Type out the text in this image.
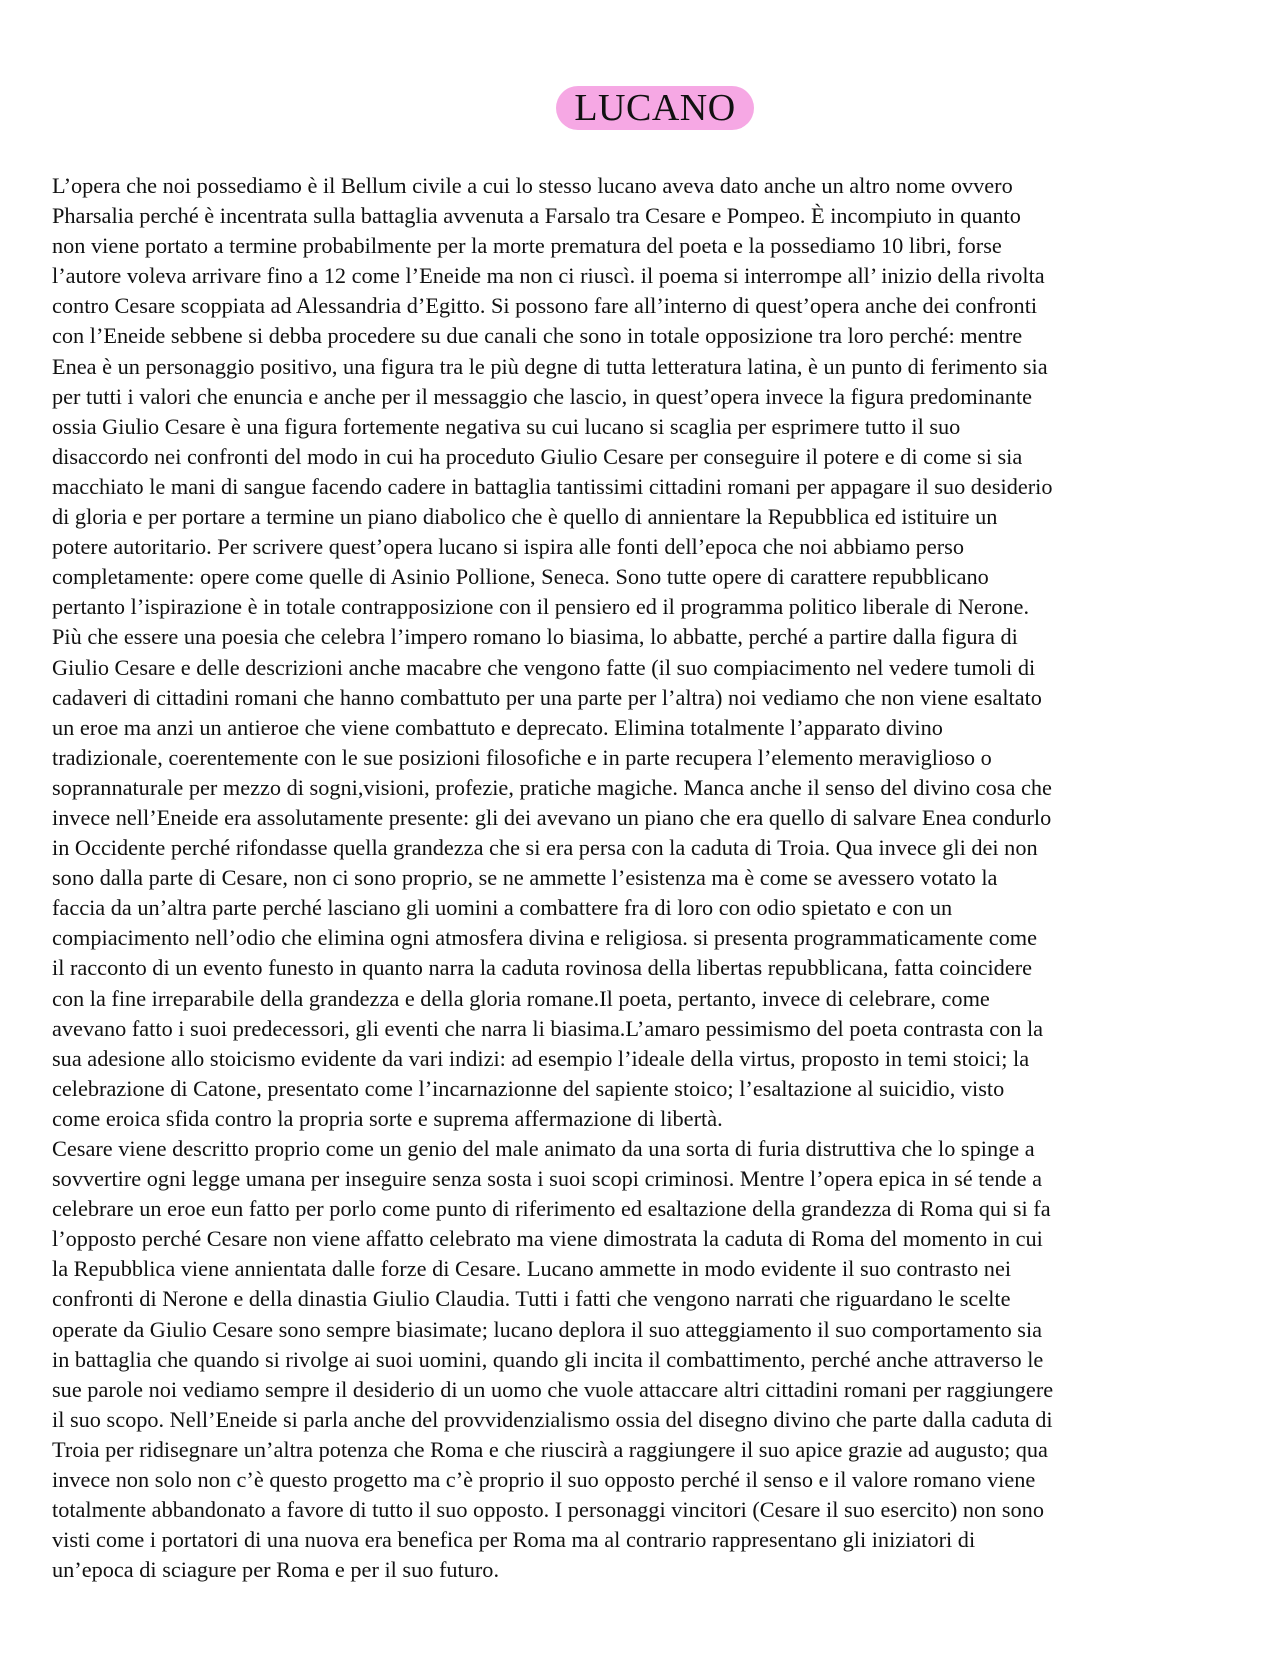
LUCANO
L’opera che noi possediamo è il Bellum civile a cui lo stesso lucano aveva dato anche un altro nome ovvero
Pharsalia perché è incentrata sulla battaglia avvenuta a Farsalo tra Cesare e Pompeo. È incompiuto in quanto
non viene portato a termine probabilmente per la morte prematura del poeta e la possediamo 10 libri, forse
l’autore voleva arrivare fino a 12 come l’Eneide ma non ci riuscì. il poema si interrompe all’ inizio della rivolta
contro Cesare scoppiata ad Alessandria d’Egitto. Si possono fare all’interno di quest’opera anche dei confronti
con l’Eneide sebbene si debba procedere su due canali che sono in totale opposizione tra loro perché: mentre
Enea è un personaggio positivo, una figura tra le più degne di tutta letteratura latina, è un punto di ferimento sia
per tutti i valori che enuncia e anche per il messaggio che lascio, in quest’opera invece la figura predominante
ossia Giulio Cesare è una figura fortemente negativa su cui lucano si scaglia per esprimere tutto il suo
disaccordo nei confronti del modo in cui ha proceduto Giulio Cesare per conseguire il potere e di come si sia
macchiato le mani di sangue facendo cadere in battaglia tantissimi cittadini romani per appagare il suo desiderio
di gloria e per portare a termine un piano diabolico che è quello di annientare la Repubblica ed istituire un
potere autoritario. Per scrivere quest’opera lucano si ispira alle fonti dell’epoca che noi abbiamo perso
completamente: opere come quelle di Asinio Pollione, Seneca. Sono tutte opere di carattere repubblicano
pertanto l’ispirazione è in totale contrapposizione con il pensiero ed il programma politico liberale di Nerone.
Più che essere una poesia che celebra l’impero romano lo biasima, lo abbatte, perché a partire dalla figura di
Giulio Cesare e delle descrizioni anche macabre che vengono fatte (il suo compiacimento nel vedere tumoli di
cadaveri di cittadini romani che hanno combattuto per una parte per l’altra) noi vediamo che non viene esaltato
un eroe ma anzi un antieroe che viene combattuto e deprecato. Elimina totalmente l’apparato divino
tradizionale, coerentemente con le sue posizioni filosofiche e in parte recupera l’elemento meraviglioso o
soprannaturale per mezzo di sogni,visioni, profezie, pratiche magiche. Manca anche il senso del divino cosa che
invece nell’Eneide era assolutamente presente: gli dei avevano un piano che era quello di salvare Enea condurlo
in Occidente perché rifondasse quella grandezza che si era persa con la caduta di Troia. Qua invece gli dei non
sono dalla parte di Cesare, non ci sono proprio, se ne ammette l’esistenza ma è come se avessero votato la
faccia da un’altra parte perché lasciano gli uomini a combattere fra di loro con odio spietato e con un
compiacimento nell’odio che elimina ogni atmosfera divina e religiosa. si presenta programmaticamente come
il racconto di un evento funesto in quanto narra la caduta rovinosa della libertas repubblicana, fatta coincidere
con la fine irreparabile della grandezza e della gloria romane.Il poeta, pertanto, invece di celebrare, come
avevano fatto i suoi predecessori, gli eventi che narra li biasima.L’amaro pessimismo del poeta contrasta con la
sua adesione allo stoicismo evidente da vari indizi: ad esempio l’ideale della virtus, proposto in temi stoici; la
celebrazione di Catone, presentato come l’incarnazionne del sapiente stoico; l’esaltazione al suicidio, visto
come eroica sfida contro la propria sorte e suprema affermazione di libertà.
Cesare viene descritto proprio come un genio del male animato da una sorta di furia distruttiva che lo spinge a
sovvertire ogni legge umana per inseguire senza sosta i suoi scopi criminosi. Mentre l’opera epica in sé tende a
celebrare un eroe eun fatto per porlo come punto di riferimento ed esaltazione della grandezza di Roma qui si fa
l’opposto perché Cesare non viene affatto celebrato ma viene dimostrata la caduta di Roma del momento in cui
la Repubblica viene annientata dalle forze di Cesare. Lucano ammette in modo evidente il suo contrasto nei
confronti di Nerone e della dinastia Giulio Claudia. Tutti i fatti che vengono narrati che riguardano le scelte
operate da Giulio Cesare sono sempre biasimate; lucano deplora il suo atteggiamento il suo comportamento sia
in battaglia che quando si rivolge ai suoi uomini, quando gli incita il combattimento, perché anche attraverso le
sue parole noi vediamo sempre il desiderio di un uomo che vuole attaccare altri cittadini romani per raggiungere
il suo scopo. Nell’Eneide si parla anche del provvidenzialismo ossia del disegno divino che parte dalla caduta di
Troia per ridisegnare un’altra potenza che Roma e che riuscirà a raggiungere il suo apice grazie ad augusto; qua
invece non solo non c’è questo progetto ma c’è proprio il suo opposto perché il senso e il valore romano viene
totalmente abbandonato a favore di tutto il suo opposto. I personaggi vincitori (Cesare il suo esercito) non sono
visti come i portatori di una nuova era benefica per Roma ma al contrario rappresentano gli iniziatori di
un’epoca di sciagure per Roma e per il suo futuro.
